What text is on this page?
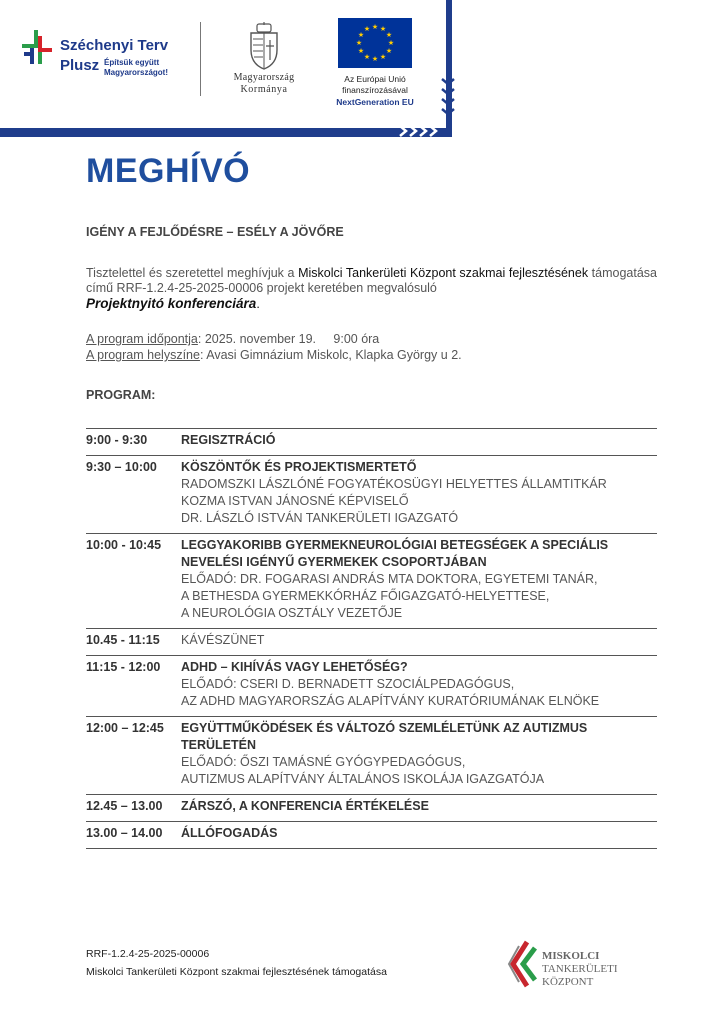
Széchenyi Terv
Plusz Építsük együtt
Magyarországot!	Magyarország
Kormánya
★ ★
★
★
★
★
★
★
★
★
★
★
Az Európai Unió
finanszírozásával
NextGeneration EU
MEGHÍVÓ
IGÉNY A FEJLŐDÉSRE – ESÉLY A JÖVŐRE
Tisztelettel és szeretettel meghívjuk a Miskolci Tankerületi Központ szakmai fejlesztésének támogatása című RRF-1.2.4-25-2025-00006 projekt keretében megvalósuló
Projektnyitó konferenciára.
A program időpontja: 2025. november 19.     9:00 óra
A program helyszíne: Avasi Gimnázium Miskolc, Klapka György u 2.
PROGRAM:
9:00 - 9:30	REGISZTRÁCIÓ
9:30 – 10:00	KÖSZÖNTŐK ÉS PROJEKTISMERTETŐ
RADOMSZKI LÁSZLÓNÉ FOGYATÉKOSÜGYI HELYETTES ÁLLAMTITKÁR
KOZMA ISTVAN JÁNOSNÉ KÉPVISELŐ
DR. LÁSZLÓ ISTVÁN TANKERÜLETI IGAZGATÓ
10:00 - 10:45	LEGGYAKORIBB GYERMEKNEUROLÓGIAI BETEGSÉGEK A SPECIÁLIS NEVELÉSI IGÉNYŰ GYERMEKEK CSOPORTJÁBAN
ELŐADÓ: DR. FOGARASI ANDRÁS MTA DOKTORA, EGYETEMI TANÁR,
A BETHESDA GYERMEKKÓRHÁZ FŐIGAZGATÓ-HELYETTESE,
A NEUROLÓGIA OSZTÁLY VEZETŐJE
10.45 - 11:15	KÁVÉSZÜNET
11:15 - 12:00	ADHD – KIHÍVÁS VAGY LEHETŐSÉG?
ELŐADÓ: CSERI D. BERNADETT SZOCIÁLPEDAGÓGUS,
AZ ADHD MAGYARORSZÁG ALAPÍTVÁNY KURATÓRIUMÁNAK ELNÖKE
12:00 – 12:45	EGYÜTTMŰKÖDÉSEK ÉS VÁLTOZÓ SZEMLÉLETÜNK AZ AUTIZMUS TERÜLETÉN
ELŐADÓ: ŐSZI TAMÁSNÉ GYÓGYPEDAGÓGUS,
AUTIZMUS ALAPÍTVÁNY ÁLTALÁNOS ISKOLÁJA IGAZGATÓJA
12.45 – 13.00	ZÁRSZÓ, A KONFERENCIA ÉRTÉKELÉSE
13.00 – 14.00	ÁLLÓFOGADÁS
RRF-1.2.4-25-2025-00006
Miskolci Tankerületi Központ szakmai fejlesztésének támogatása
MISKOLCI
TANKERÜLETI
KÖZPONT
